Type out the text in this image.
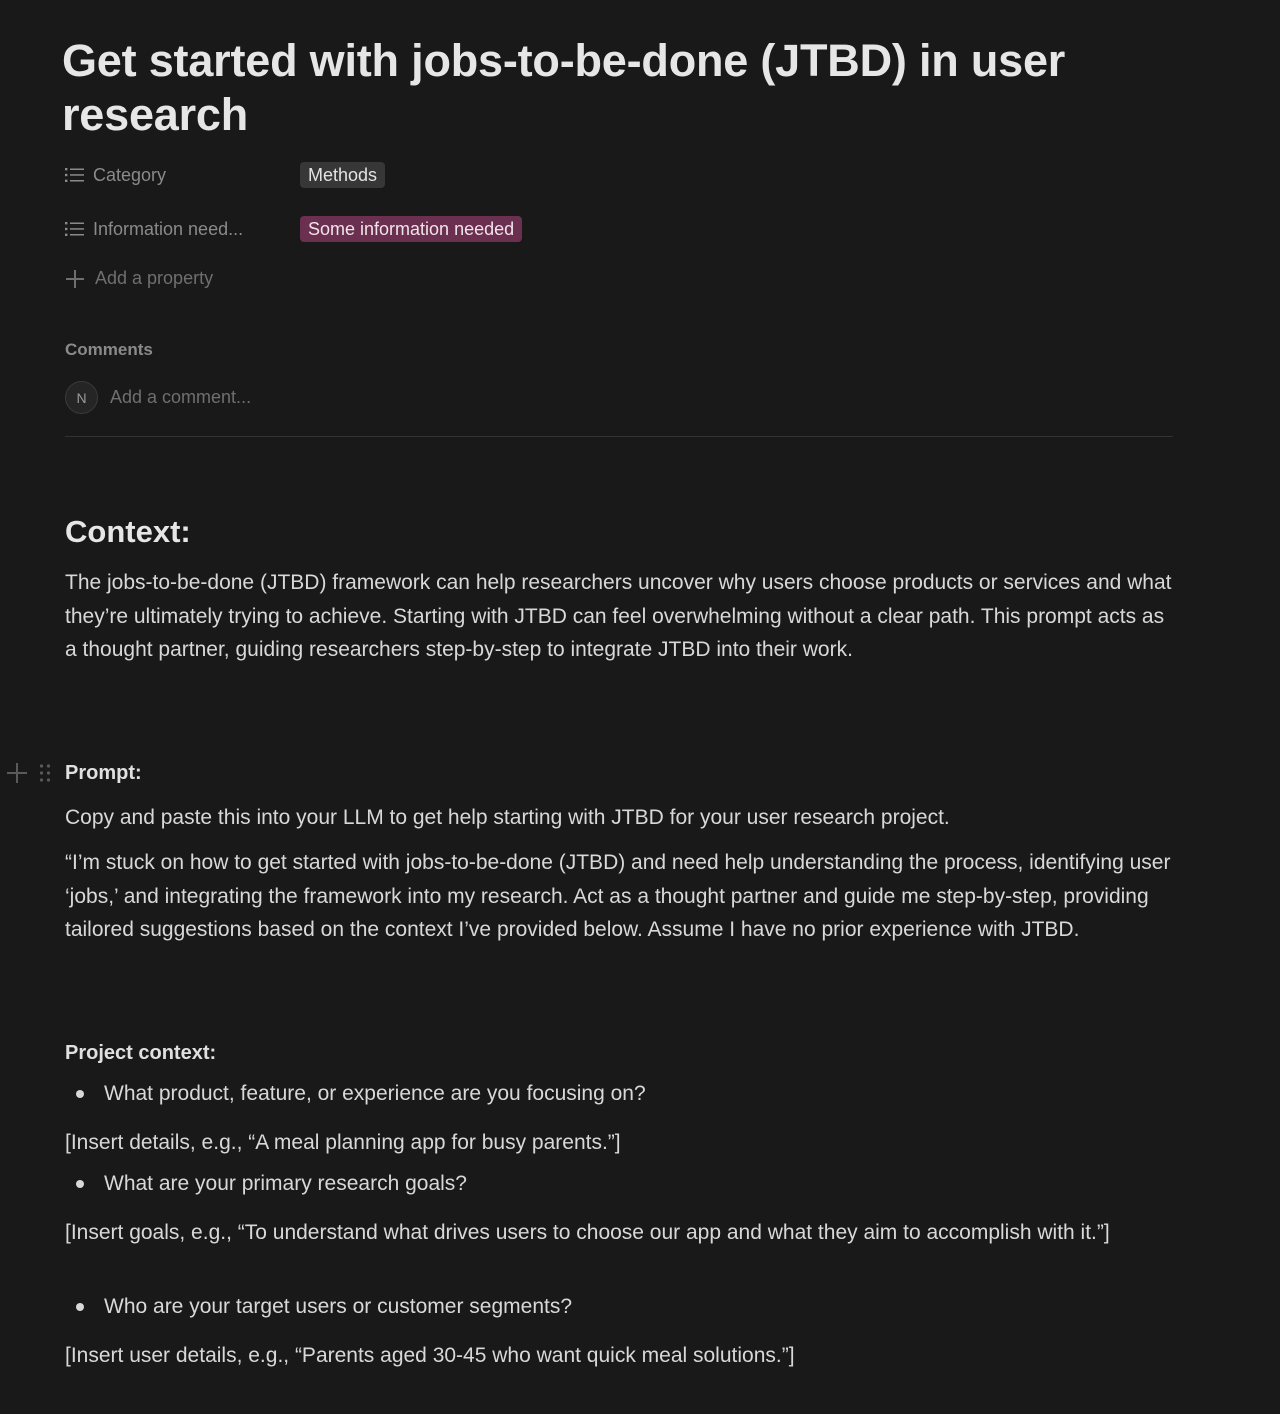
Get started with jobs-to-be-done (JTBD) in user research
Category	Methods
Information need...	Some information needed
Add a property
Comments
N
Add a comment...
Context:

The jobs-to-be-done (JTBD) framework can help researchers uncover why users choose products or services and what they’re ultimately trying to achieve. Starting with JTBD can feel overwhelming without a clear path. This prompt acts as a thought partner, guiding researchers step-by-step to integrate JTBD into their work.

Prompt:

Copy and paste this into your LLM to get help starting with JTBD for your user research project.

“I’m stuck on how to get started with jobs-to-be-done (JTBD) and need help understanding the process, identifying user ‘jobs,’ and integrating the framework into my research. Act as a thought partner and guide me step-by-step, providing tailored suggestions based on the context I’ve provided below. Assume I have no prior experience with JTBD.

Project context:
What product, feature, or experience are you focusing on?

[Insert details, e.g., “A meal planning app for busy parents.”]

What are your primary research goals?

[Insert goals, e.g., “To understand what drives users to choose our app and what they aim to accomplish with it.”]

Who are your target users or customer segments?

[Insert user details, e.g., “Parents aged 30-45 who want quick meal solutions.”]
